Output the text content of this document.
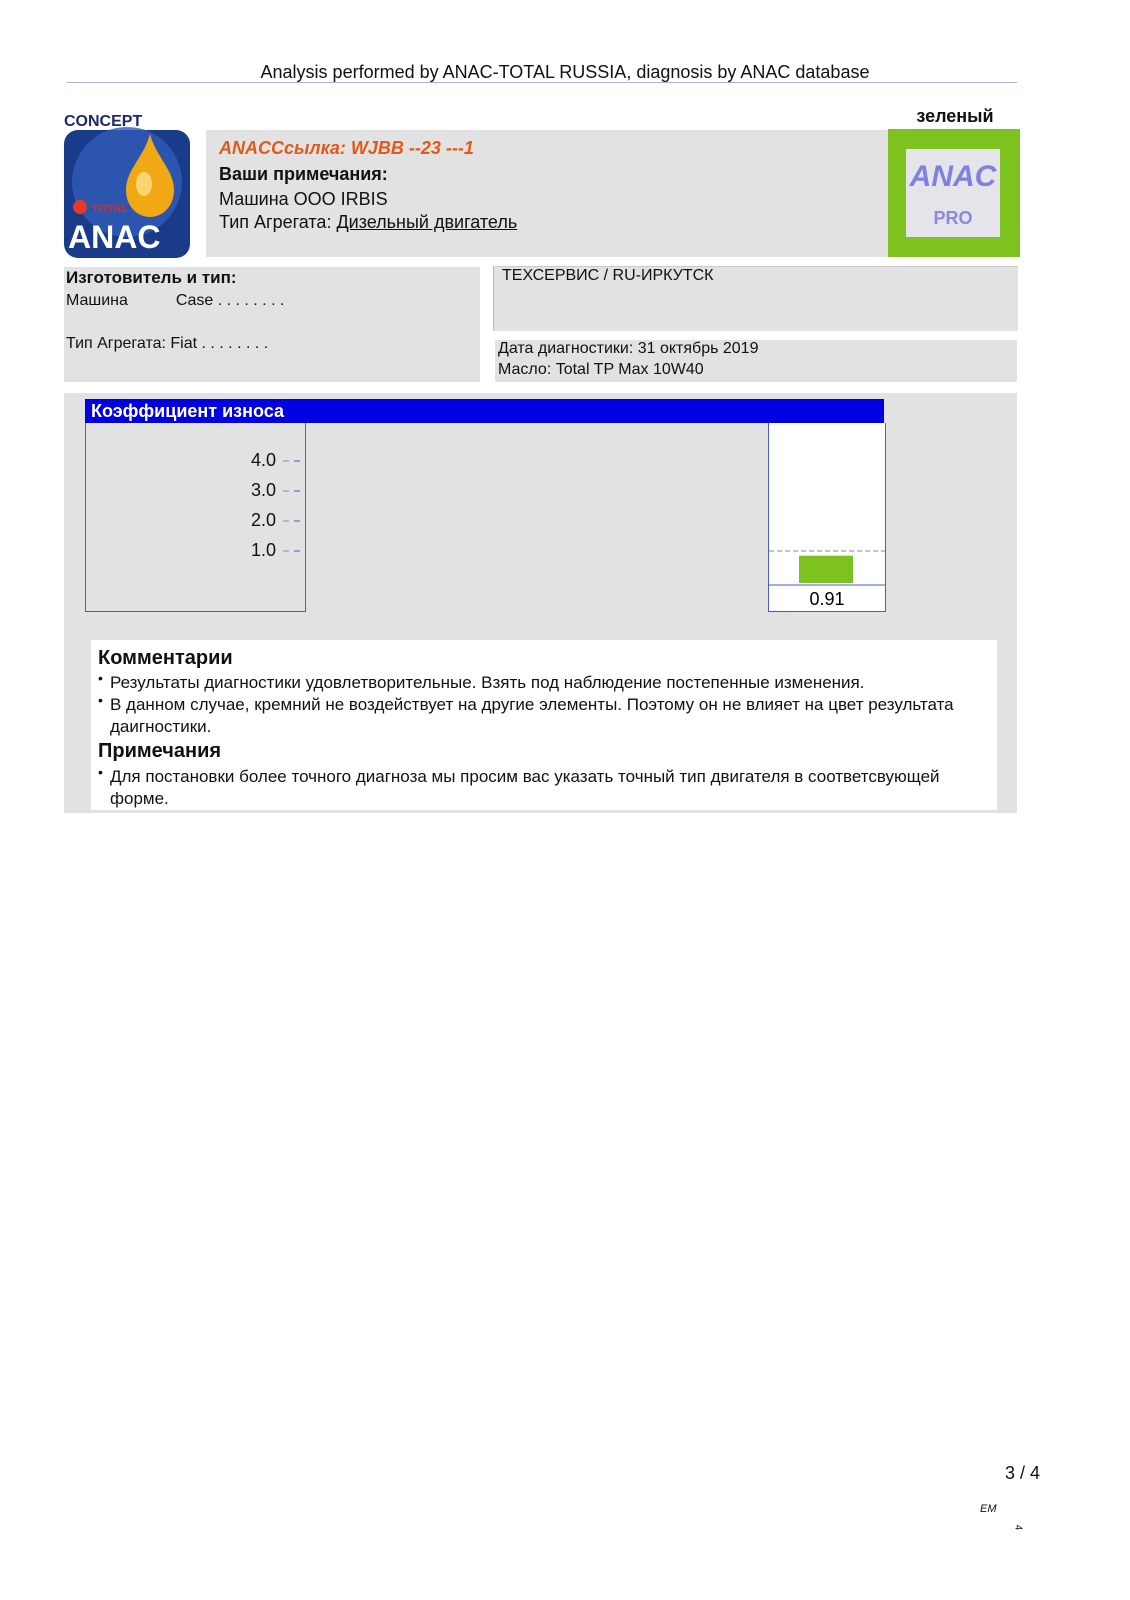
Analysis performed by ANAC-TOTAL RUSSIA, diagnosis by ANAC database
CONCEPT
TOTAL
ANAC
ANACСсылка: WJBB --23 ---1
Ваши примечания:
Машина ООО IRBIS
Тип Агрегата: Дизельный двигатель
зеленый
ANAC
PRO
Изготовитель и тип:
Машина	Case . . . . . . . .
Тип Агрегата: Fiat . . . . . . . .
ТЕХСЕРВИС / RU-ИРКУТСК
Дата диагностики: 31 октябрь 2019
Масло: Total TP Max 10W40
Коэффициент износа
4.0
3.0
2.0
1.0
0.91
Комментарии
• Результаты диагностики удовлетворительные. Взять под наблюдение постепенные изменения.
• В данном случае, кремний не воздействует на другие элементы. Поэтому он не влияет на цвет результата даигностики.
Примечания
• Для постановки более точного диагноза мы просим вас указать точный тип двигателя в соответсвующей форме.
3 / 4
EM
4
